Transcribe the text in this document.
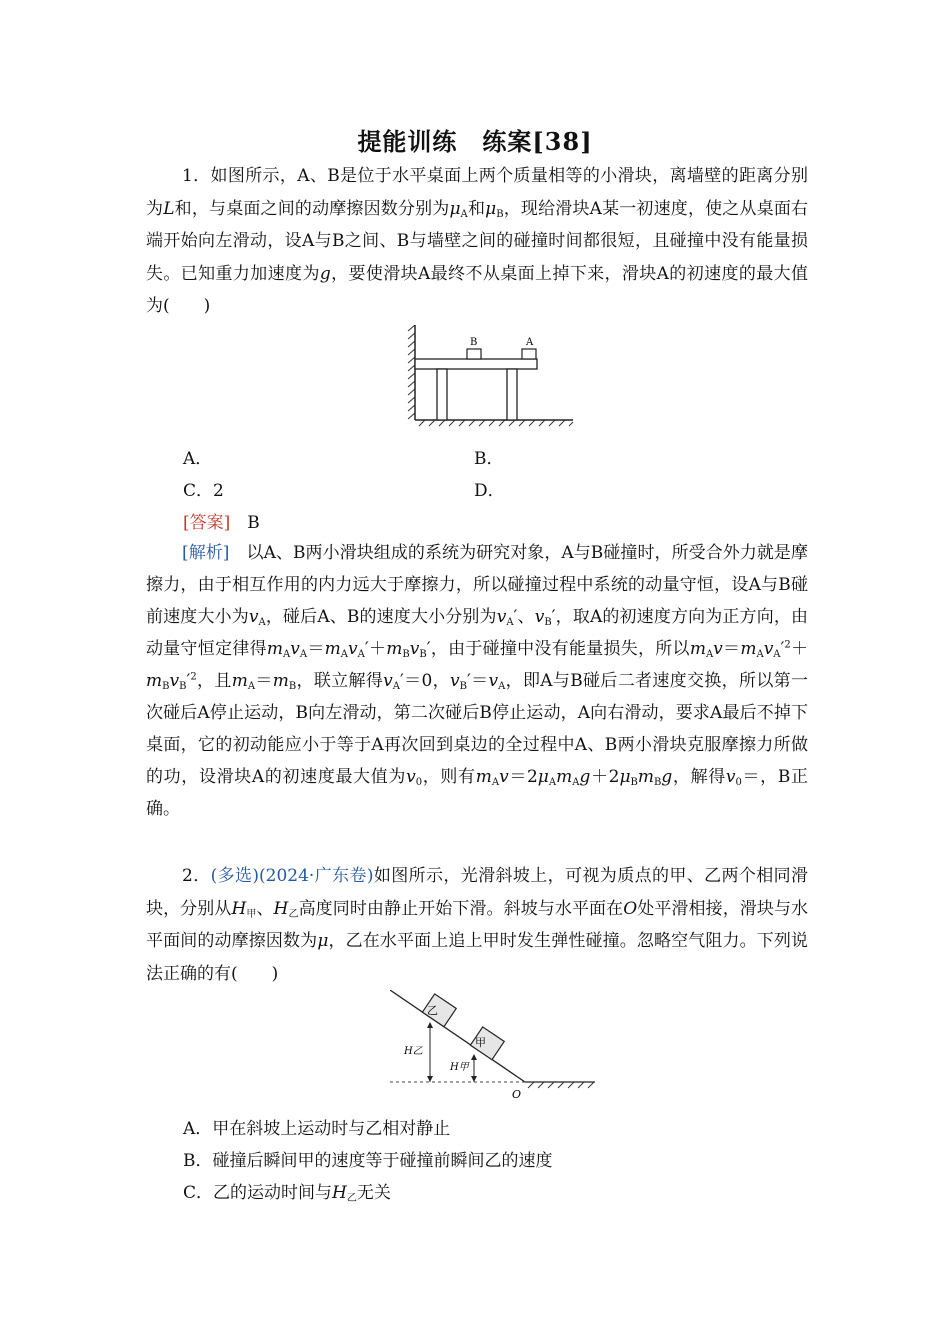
提能训练　练案[38]
1．如图所示，A、B是位于水平桌面上两个质量相等的小滑块，离墙壁的距离分别为L和，与桌面之间的动摩擦因数分别为$\mu_A$和$\mu_B$，现给滑块A某一初速度，使之从桌面右端开始向左滑动，设A与B之间、B与墙壁之间的碰撞时间都很短，且碰撞中没有能量损失。已知重力加速度为g，要使滑块A最终不从桌面上掉下来，滑块A的初速度的最大值为(　　)
B	A
A．	B．
C．2	D．
[答案]　 B
[解析]　以A、B两小滑块组成的系统为研究对象，A与B碰撞时，所受合外力就是摩擦力，由于相互作用的内力远大于摩擦力，所以碰撞过程中系统的动量守恒，设A与B碰前速度大小为$v_A$，碰后A、B的速度大小分别为$v_A'$、$v_B'$，取A的初速度方向为正方向，由动量守恒定律得$m_Av_A=m_Av_A'+m_Bv_B'$，由于碰撞中没有能量损失，所以$m_Av=m_Av_A'^2+m_Bv_B'^2$，且$m_A=m_B$，联立解得$v_A'=0$，$v_B'=v_A$，即A与B碰后二者速度交换，所以第一次碰后A停止运动，B向左滑动，第二次碰后B停止运动，A向右滑动，要求A最后不掉下桌面，它的初动能应小于等于A再次回到桌边的全过程中A、B两小滑块克服摩擦力所做的功，设滑块A的初速度最大值为$v_0$，则有$m_Av=2\mu_Am_Ag+2\mu_Bm_Bg$，解得$v_0=$，B正确。
2．(多选)(2024·广东卷)如图所示，光滑斜坡上，可视为质点的甲、乙两个相同滑块，分别从$H_甲$、$H_乙$高度同时由静止开始下滑。斜坡与水平面在O处平滑相接，滑块与水平面间的动摩擦因数为μ，乙在水平面上追上甲时发生弹性碰撞。忽略空气阻力。下列说法正确的有(　　)
乙
甲
H乙
H甲
O
A．甲在斜坡上运动时与乙相对静止
B．碰撞后瞬间甲的速度等于碰撞前瞬间乙的速度
C．乙的运动时间与$H_乙$无关
